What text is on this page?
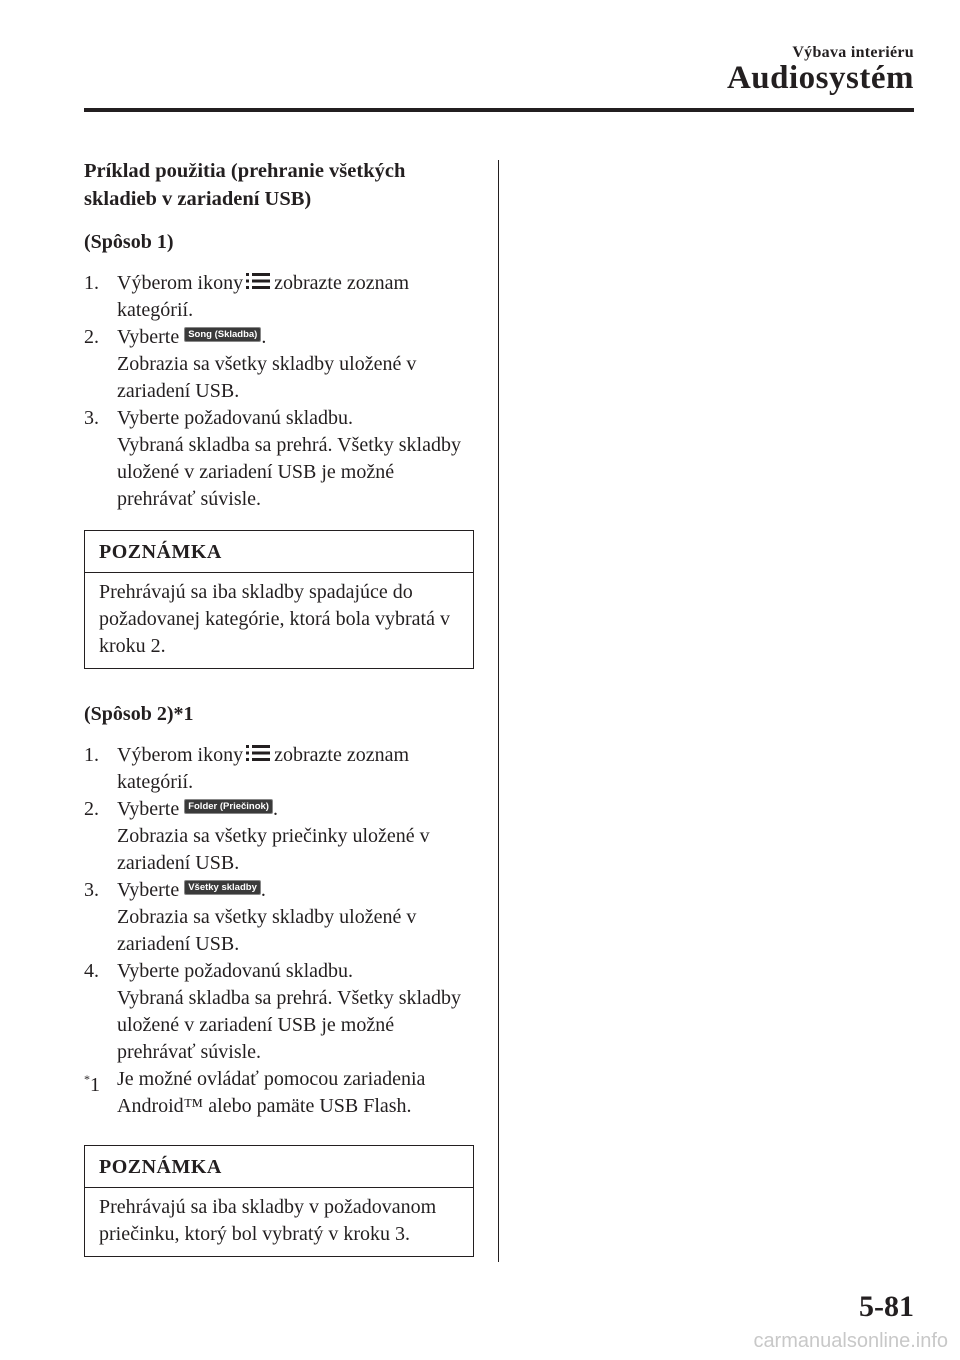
Výbava interiéru
Audiosystém
Príklad použitia (prehranie všetkých skladieb v zariadení USB)
(Spôsob 1)
1. Výberom ikony zobrazte zoznam kategórií.
2. Vyberte Song (Skladba) .
Zobrazia sa všetky skladby uložené v zariadení USB.
3. Vyberte požadovanú skladbu.
Vybraná skladba sa prehrá. Všetky skladby uložené v zariadení USB je možné prehrávať súvisle.
POZNÁMKA
Prehrávajú sa iba skladby spadajúce do požadovanej kategórie, ktorá bola vybratá v kroku 2.
(Spôsob 2)*1
1. Výberom ikony zobrazte zoznam kategórií.
2. Vyberte Folder (Priečinok) .
Zobrazia sa všetky priečinky uložené v zariadení USB.
3. Vyberte Všetky skladby .
Zobrazia sa všetky skladby uložené v zariadení USB.
4. Vyberte požadovanú skladbu.
Vybraná skladba sa prehrá. Všetky skladby uložené v zariadení USB je možné prehrávať súvisle.
*1 Je možné ovládať pomocou zariadenia Android™ alebo pamäte USB Flash.
POZNÁMKA
Prehrávajú sa iba skladby v požadovanom priečinku, ktorý bol vybratý v kroku 3.
5-81
carmanualsonline.info
